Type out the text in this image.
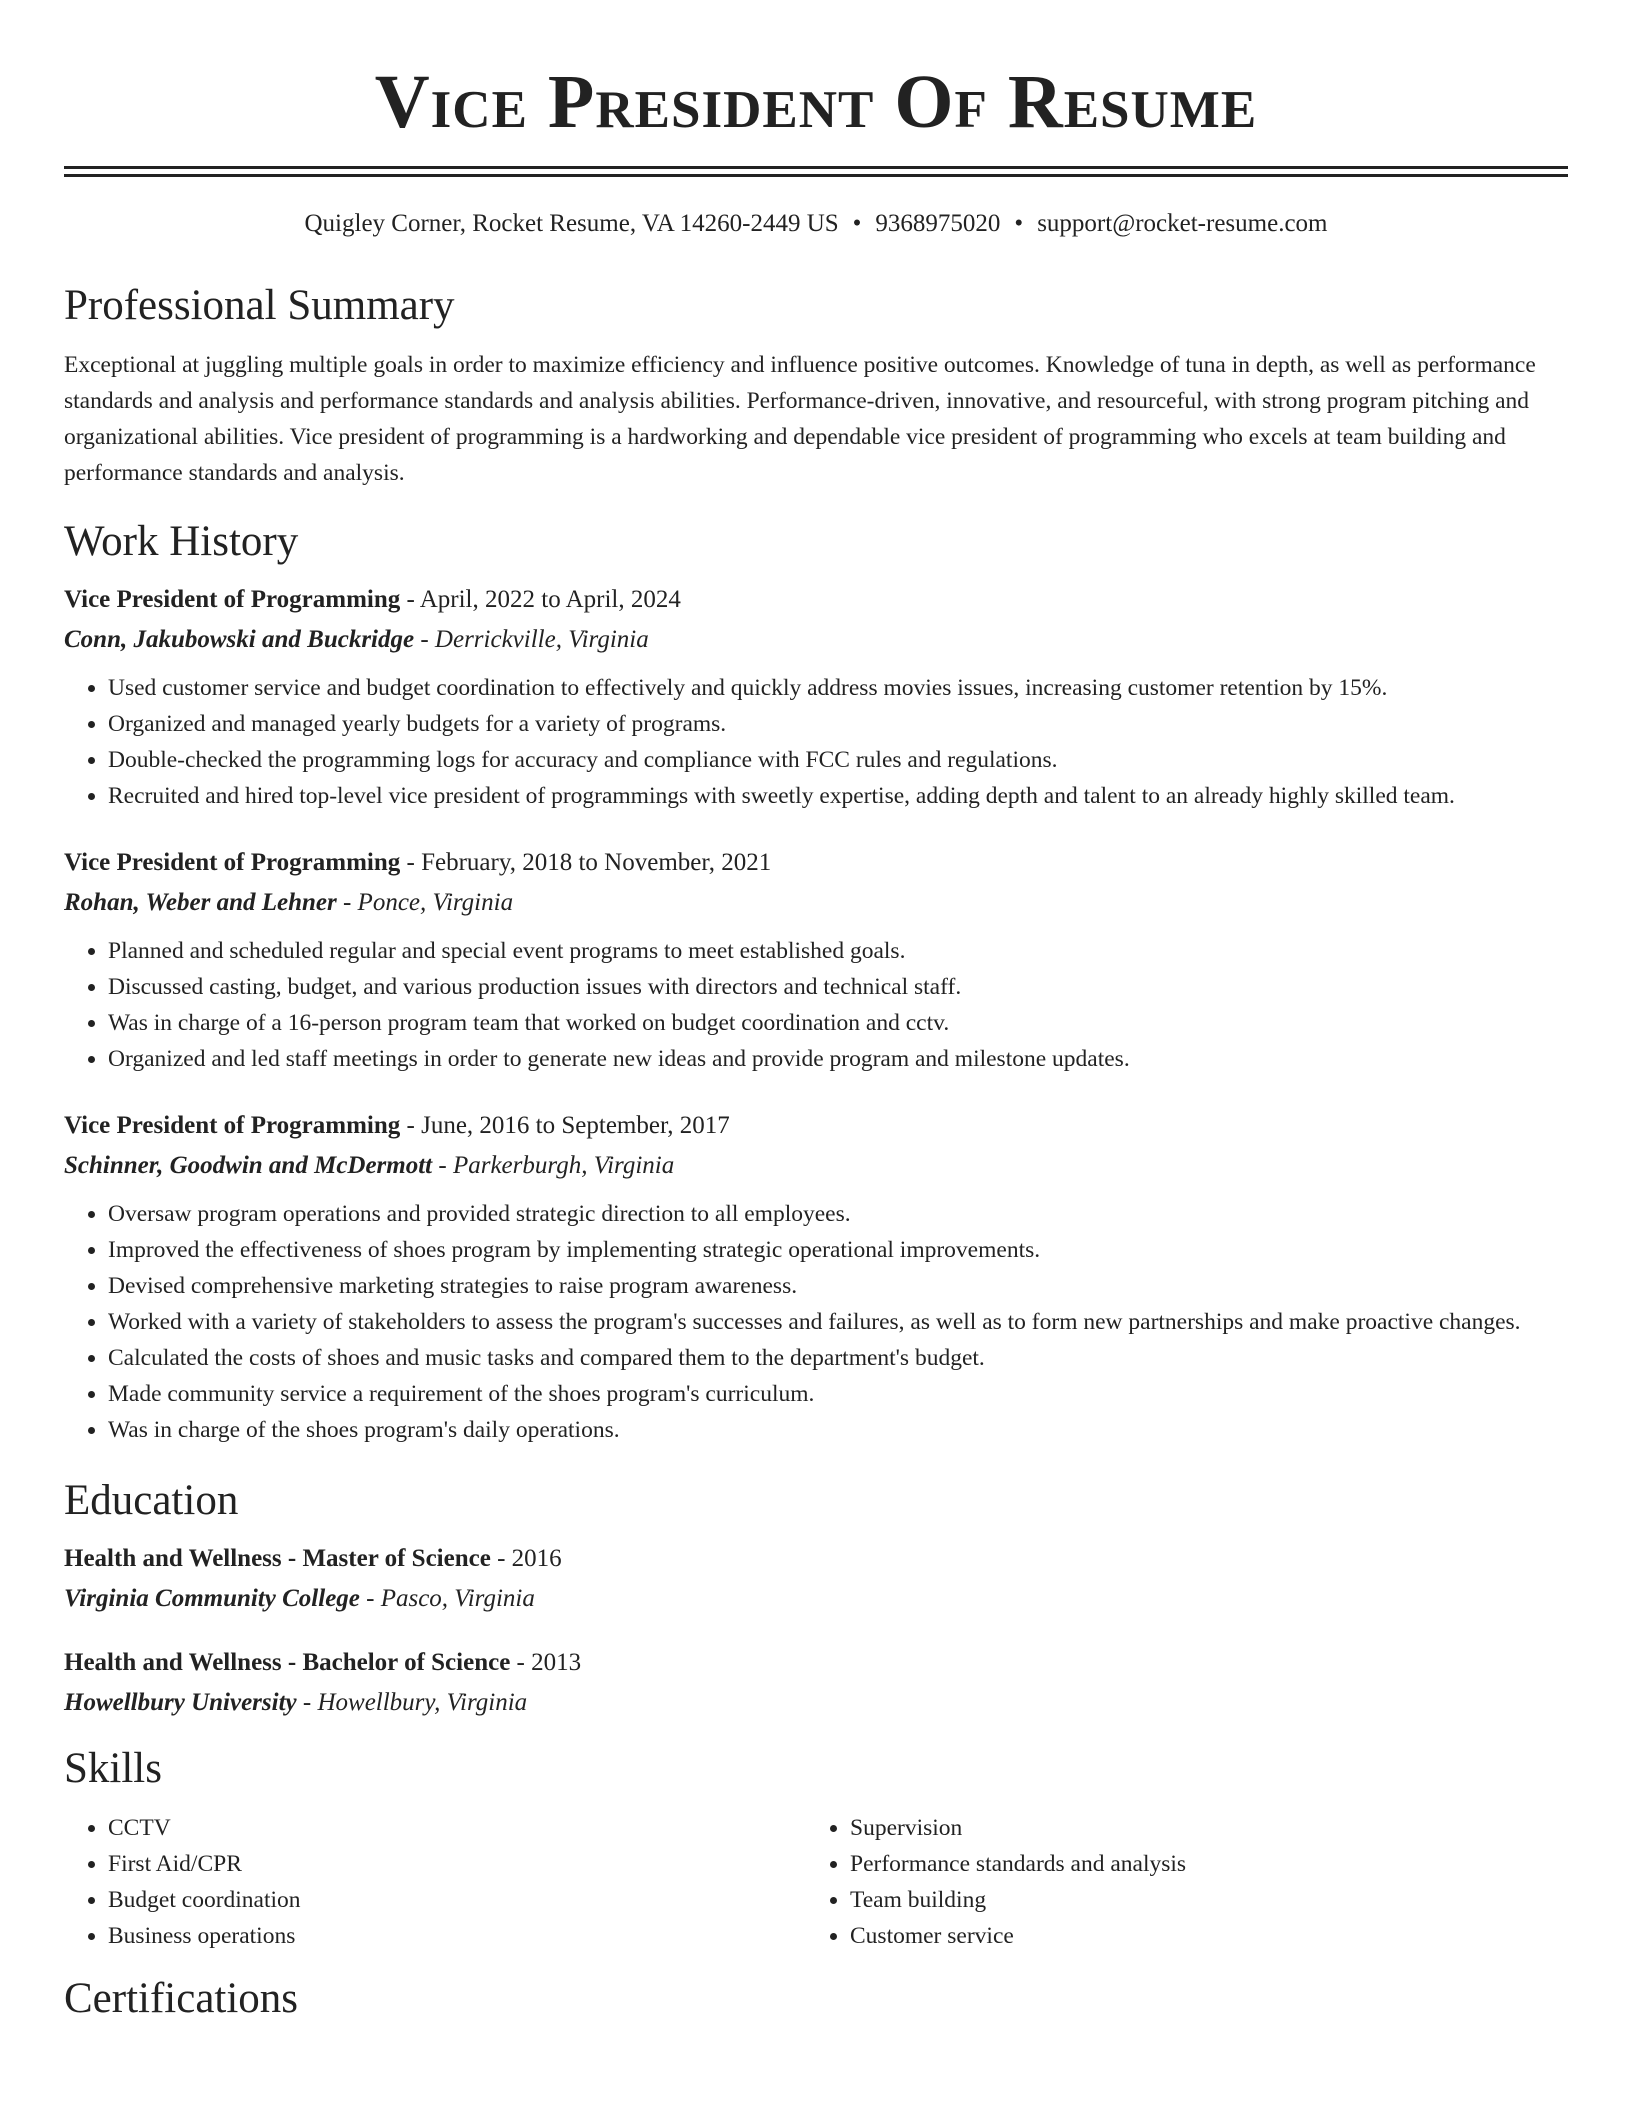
Vice President Of Resume
Quigley Corner, Rocket Resume, VA 14260-2449 US • 9368975020 • support@rocket-resume.com
Professional Summary

Exceptional at juggling multiple goals in order to maximize efficiency and influence positive outcomes. Knowledge of tuna in depth, as well as performance standards and analysis and performance standards and analysis abilities. Performance-driven, innovative, and resourceful, with strong program pitching and organizational abilities. Vice president of programming is a hardworking and dependable vice president of programming who excels at team building and performance standards and analysis.

Work History

Vice President of Programming - April, 2022 to April, 2024

Conn, Jakubowski and Buckridge - Derrickville, Virginia

• Used customer service and budget coordination to effectively and quickly address movies issues, increasing customer retention by 15%.
• Organized and managed yearly budgets for a variety of programs.
• Double-checked the programming logs for accuracy and compliance with FCC rules and regulations.
• Recruited and hired top-level vice president of programmings with sweetly expertise, adding depth and talent to an already highly skilled team.

Vice President of Programming - February, 2018 to November, 2021

Rohan, Weber and Lehner - Ponce, Virginia

• Planned and scheduled regular and special event programs to meet established goals.
• Discussed casting, budget, and various production issues with directors and technical staff.
• Was in charge of a 16-person program team that worked on budget coordination and cctv.
• Organized and led staff meetings in order to generate new ideas and provide program and milestone updates.

Vice President of Programming - June, 2016 to September, 2017

Schinner, Goodwin and McDermott - Parkerburgh, Virginia

• Oversaw program operations and provided strategic direction to all employees.
• Improved the effectiveness of shoes program by implementing strategic operational improvements.
• Devised comprehensive marketing strategies to raise program awareness.
• Worked with a variety of stakeholders to assess the program's successes and failures, as well as to form new partnerships and make proactive changes.
• Calculated the costs of shoes and music tasks and compared them to the department's budget.
• Made community service a requirement of the shoes program's curriculum.
• Was in charge of the shoes program's daily operations.
Education

Health and Wellness - Master of Science - 2016

Virginia Community College - Pasco, Virginia

Health and Wellness - Bachelor of Science - 2013

Howellbury University - Howellbury, Virginia

Skills
• CCTV
• First Aid/CPR
• Budget coordination
• Business operations
• Supervision
• Performance standards and analysis
• Team building
• Customer service
Certifications
